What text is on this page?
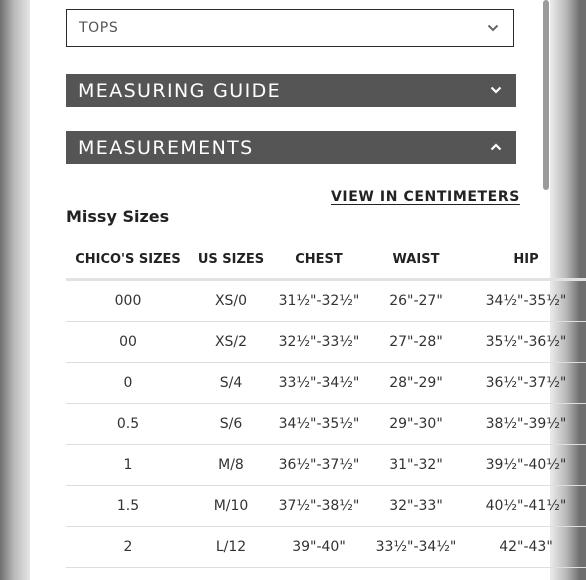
TOPS
MEASURING GUIDE
MEASUREMENTS
VIEW IN CENTIMETERS
Missy Sizes
CHICO'S SIZES	US SIZES	CHEST	WAIST	HIP
000	XS/0	31½"-32½"	26"-27"	34½"-35½"
00	XS/2	32½"-33½"	27"-28"	35½"-36½"
0	S/4	33½"-34½"	28"-29"	36½"-37½"
0.5	S/6	34½"-35½"	29"-30"	38½"-39½"
1	M/8	36½"-37½"	31"-32"	39½"-40½"
1.5	M/10	37½"-38½"	32"-33"	40½"-41½"
2	L/12	39"-40"	33½"-34½"	42"-43"
